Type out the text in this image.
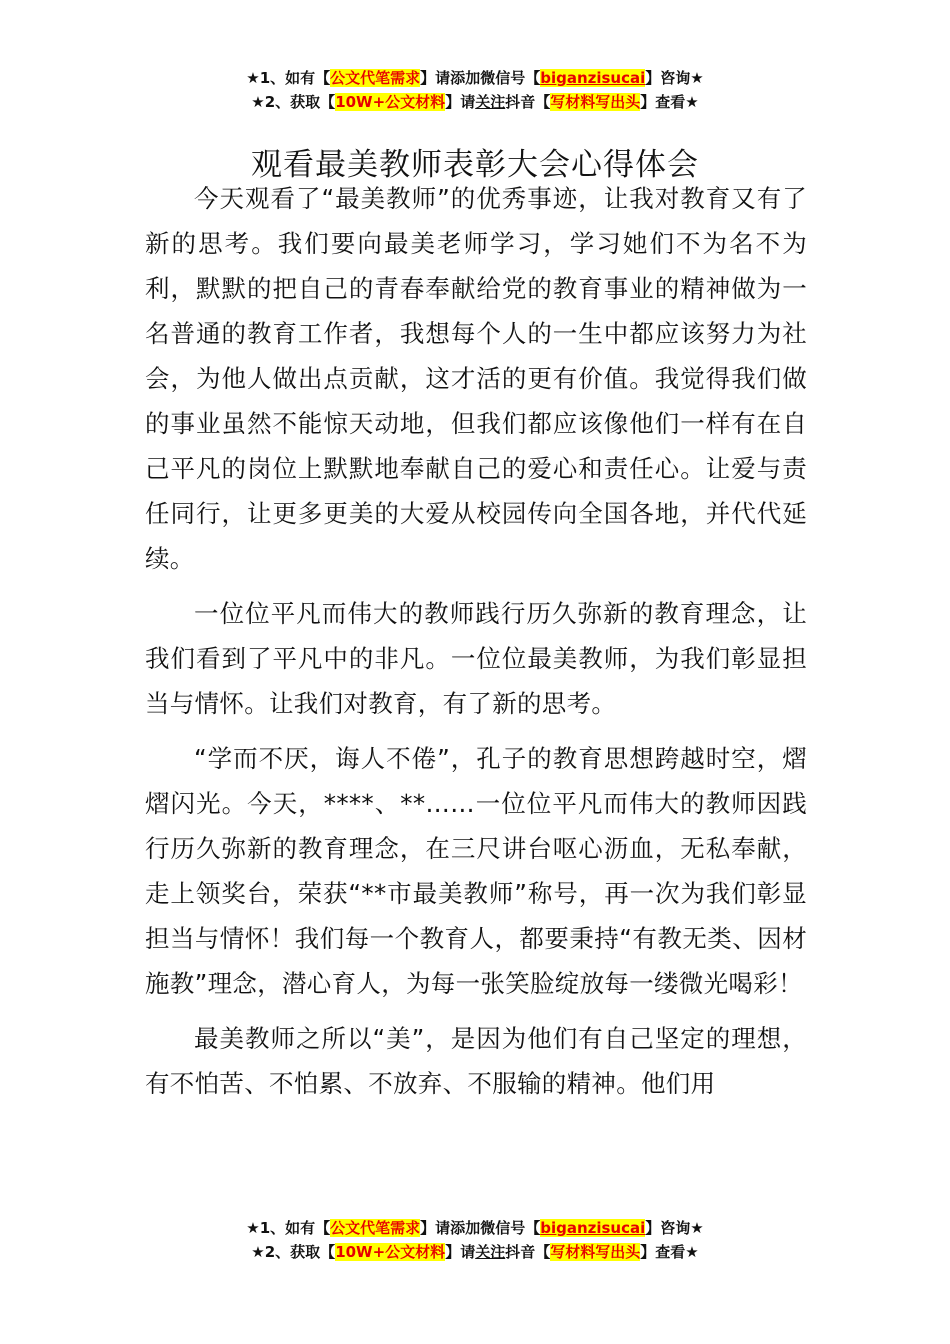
★1、如有【公文代笔需求】请添加微信号【biganzisucai】咨询★
★2、获取【10W+公文材料】请关注抖音【写材料写出头】查看★
观看最美教师表彰大会心得体会

今天观看了“最美教师”的优秀事迹，让我对教育又有了新的思考。我们要向最美老师学习，学习她们不为名不为利，默默的把自己的青春奉献给党的教育事业的精神做为一名普通的教育工作者，我想每个人的一生中都应该努力为社会，为他人做出点贡献，这才活的更有价值。我觉得我们做的事业虽然不能惊天动地，但我们都应该像他们一样有在自己平凡的岗位上默默地奉献自己的爱心和责任心。让爱与责任同行，让更多更美的大爱从校园传向全国各地，并代代延续。

一位位平凡而伟大的教师践行历久弥新的教育理念，让我们看到了平凡中的非凡。一位位最美教师，为我们彰显担当与情怀。让我们对教育，有了新的思考。

“学而不厌，诲人不倦”，孔子的教育思想跨越时空，熠熠闪光。今天，****、**……一位位平凡而伟大的教师因践行历久弥新的教育理念，在三尺讲台呕心沥血，无私奉献，走上领奖台，荣获“**市最美教师”称号，再一次为我们彰显担当与情怀！我们每一个教育人，都要秉持“有教无类、因材施教”理念，潜心育人，为每一张笑脸绽放每一缕微光喝彩！

最美教师之所以“美”，是因为他们有自己坚定的理想，有不怕苦、不怕累、不放弃、不服输的精神。他们用

★1、如有【公文代笔需求】请添加微信号【biganzisucai】咨询★
★2、获取【10W+公文材料】请关注抖音【写材料写出头】查看★
